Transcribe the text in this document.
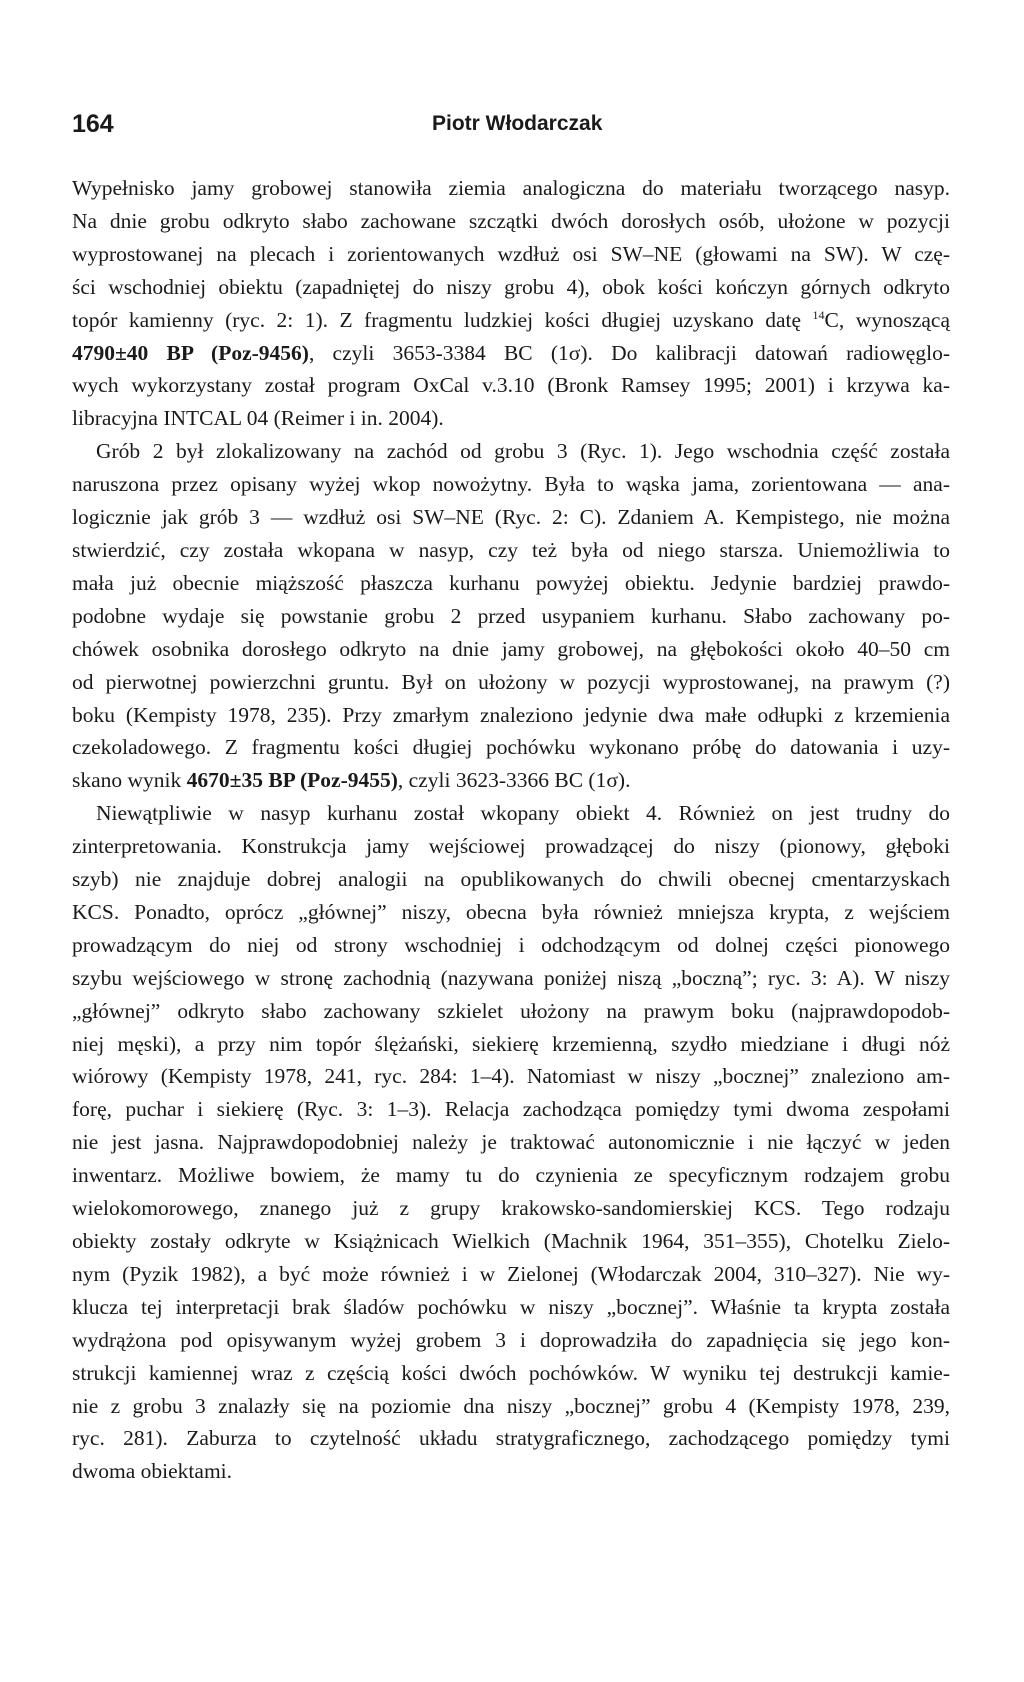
164	Piotr Włodarczak

Wypełnisko jamy grobowej stanowiła ziemia analogiczna do materiału tworzącego nasyp.
Na dnie grobu odkryto słabo zachowane szczątki dwóch dorosłych osób, ułożone w pozycji
wyprostowanej na plecach i zorientowanych wzdłuż osi SW–NE (głowami na SW). W czę-
ści wschodniej obiektu (zapadniętej do niszy grobu 4), obok kości kończyn górnych odkryto
topór kamienny (ryc. 2: 1). Z fragmentu ludzkiej kości długiej uzyskano datę $^{14}$C, wynoszącą
4790±40 BP (Poz-9456), czyli 3653-3384 BC (1σ). Do kalibracji datowań radiowęglo-
wych wykorzystany został program OxCal v.3.10 (Bronk Ramsey 1995; 2001) i krzywa ka-
libracyjna INTCAL 04 (Reimer i in. 2004).

Grób 2 był zlokalizowany na zachód od grobu 3 (Ryc. 1). Jego wschodnia część została
naruszona przez opisany wyżej wkop nowożytny. Była to wąska jama, zorientowana — ana-
logicznie jak grób 3 — wzdłuż osi SW–NE (Ryc. 2: C). Zdaniem A. Kempistego, nie można
stwierdzić, czy została wkopana w nasyp, czy też była od niego starsza. Uniemożliwia to
mała już obecnie miąższość płaszcza kurhanu powyżej obiektu. Jedynie bardziej prawdo-
podobne wydaje się powstanie grobu 2 przed usypaniem kurhanu. Słabo zachowany po-
chówek osobnika dorosłego odkryto na dnie jamy grobowej, na głębokości około 40–50 cm
od pierwotnej powierzchni gruntu. Był on ułożony w pozycji wyprostowanej, na prawym (?)
boku (Kempisty 1978, 235). Przy zmarłym znaleziono jedynie dwa małe odłupki z krzemienia
czekoladowego. Z fragmentu kości długiej pochówku wykonano próbę do datowania i uzy-
skano wynik 4670±35 BP (Poz-9455), czyli 3623-3366 BC (1σ).

Niewątpliwie w nasyp kurhanu został wkopany obiekt 4. Również on jest trudny do
zinterpretowania. Konstrukcja jamy wejściowej prowadzącej do niszy (pionowy, głęboki
szyb) nie znajduje dobrej analogii na opublikowanych do chwili obecnej cmentarzyskach
KCS. Ponadto, oprócz „głównej” niszy, obecna była również mniejsza krypta, z wejściem
prowadzącym do niej od strony wschodniej i odchodzącym od dolnej części pionowego
szybu wejściowego w stronę zachodnią (nazywana poniżej niszą „boczną”; ryc. 3: A). W niszy
„głównej” odkryto słabo zachowany szkielet ułożony na prawym boku (najprawdopodob-
niej męski), a przy nim topór ślężański, siekierę krzemienną, szydło miedziane i długi nóż
wiórowy (Kempisty 1978, 241, ryc. 284: 1–4). Natomiast w niszy „bocznej” znaleziono am-
forę, puchar i siekierę (Ryc. 3: 1–3). Relacja zachodząca pomiędzy tymi dwoma zespołami
nie jest jasna. Najprawdopodobniej należy je traktować autonomicznie i nie łączyć w jeden
inwentarz. Możliwe bowiem, że mamy tu do czynienia ze specyficznym rodzajem grobu
wielokomorowego, znanego już z grupy krakowsko-sandomierskiej KCS. Tego rodzaju
obiekty zostały odkryte w Książnicach Wielkich (Machnik 1964, 351–355), Chotelku Zielo-
nym (Pyzik 1982), a być może również i w Zielonej (Włodarczak 2004, 310–327). Nie wy-
klucza tej interpretacji brak śladów pochówku w niszy „bocznej”. Właśnie ta krypta została
wydrążona pod opisywanym wyżej grobem 3 i doprowadziła do zapadnięcia się jego kon-
strukcji kamiennej wraz z częścią kości dwóch pochówków. W wyniku tej destrukcji kamie-
nie z grobu 3 znalazły się na poziomie dna niszy „bocznej” grobu 4 (Kempisty 1978, 239,
ryc. 281). Zaburza to czytelność układu stratygraficznego, zachodzącego pomiędzy tymi
dwoma obiektami.
